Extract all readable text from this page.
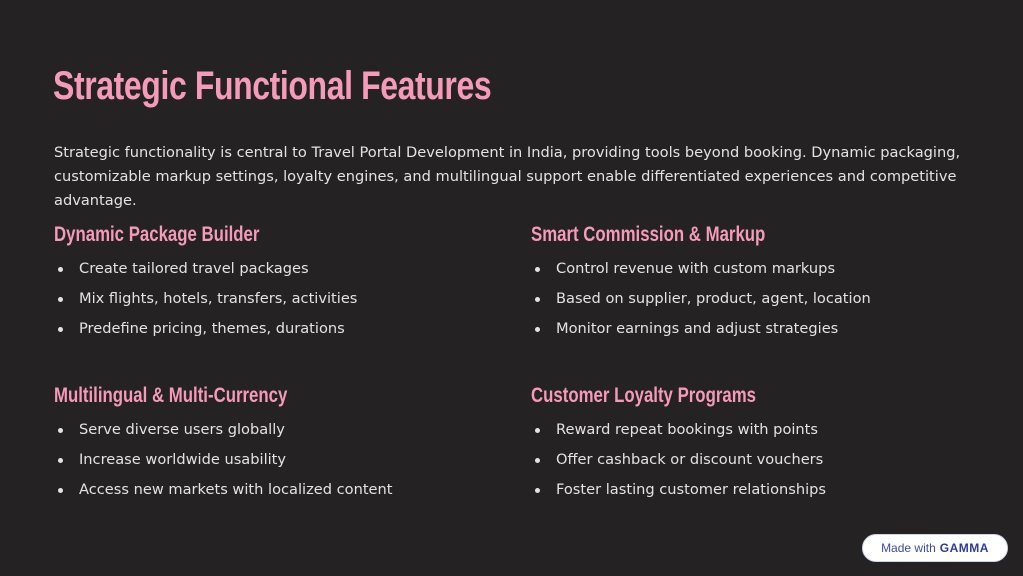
Strategic Functional Features

Strategic functionality is central to Travel Portal Development in India, providing tools beyond booking. Dynamic packaging, customizable markup settings, loyalty engines, and multilingual support enable differentiated experiences and competitive advantage.

Dynamic Package Builder
Create tailored travel packages
Mix flights, hotels, transfers, activities
Predefine pricing, themes, durations
Smart Commission & Markup
Control revenue with custom markups
Based on supplier, product, agent, location
Monitor earnings and adjust strategies
Multilingual & Multi-Currency
Serve diverse users globally
Increase worldwide usability
Access new markets with localized content
Customer Loyalty Programs
Reward repeat bookings with points
Offer cashback or discount vouchers
Foster lasting customer relationships
Made with GAMMA
